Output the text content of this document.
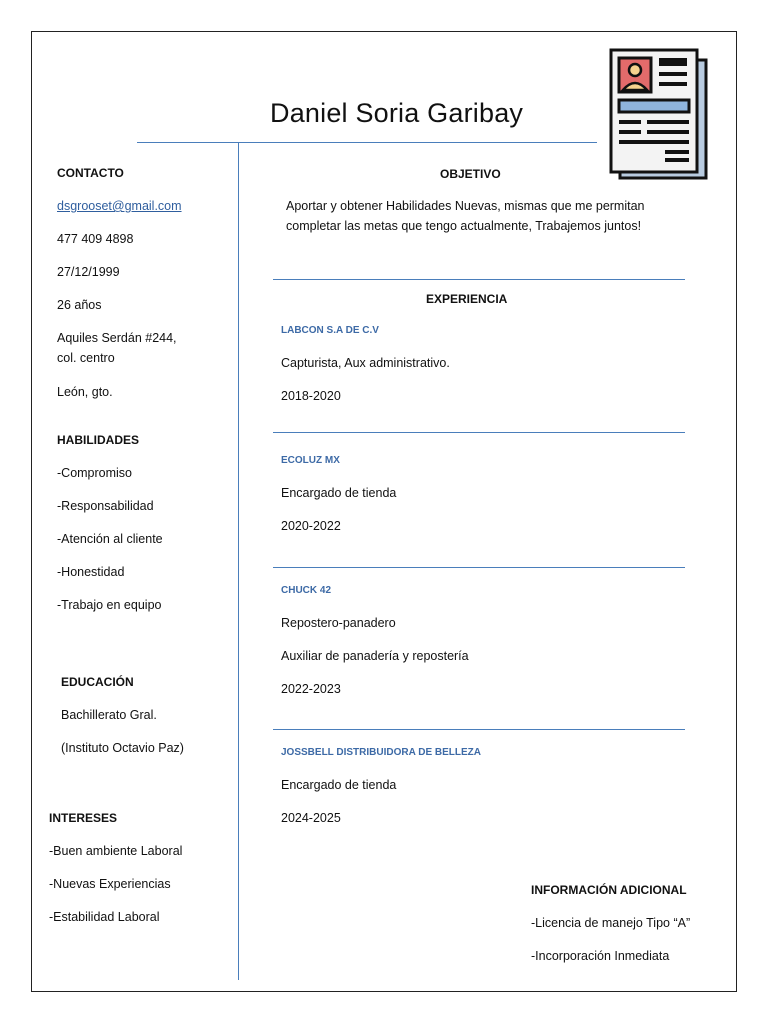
Daniel Soria Garibay
CONTACTO
dsgrooset@gmail.com
477 409 4898
27/12/1999
26 años
Aquiles Serdán #244,
col. centro
León, gto.
HABILIDADES
-Compromiso
-Responsabilidad
-Atención al cliente
-Honestidad
-Trabajo en equipo
EDUCACIÓN
Bachillerato Gral.
(Instituto Octavio Paz)
INTERESES
-Buen ambiente Laboral
-Nuevas Experiencias
-Estabilidad Laboral
OBJETIVO
Aportar y obtener Habilidades Nuevas, mismas que me permitan
completar las metas que tengo actualmente, Trabajemos juntos!
EXPERIENCIA
LABCON S.A DE C.V
Capturista, Aux administrativo.
2018-2020
ECOLUZ MX
Encargado de tienda
2020-2022
CHUCK 42
Repostero-panadero
Auxiliar de panadería y repostería
2022-2023
JOSSBELL DISTRIBUIDORA DE BELLEZA
Encargado de tienda
2024-2025
INFORMACIÓN ADICIONAL
-Licencia de manejo Tipo “A”
-Incorporación Inmediata
